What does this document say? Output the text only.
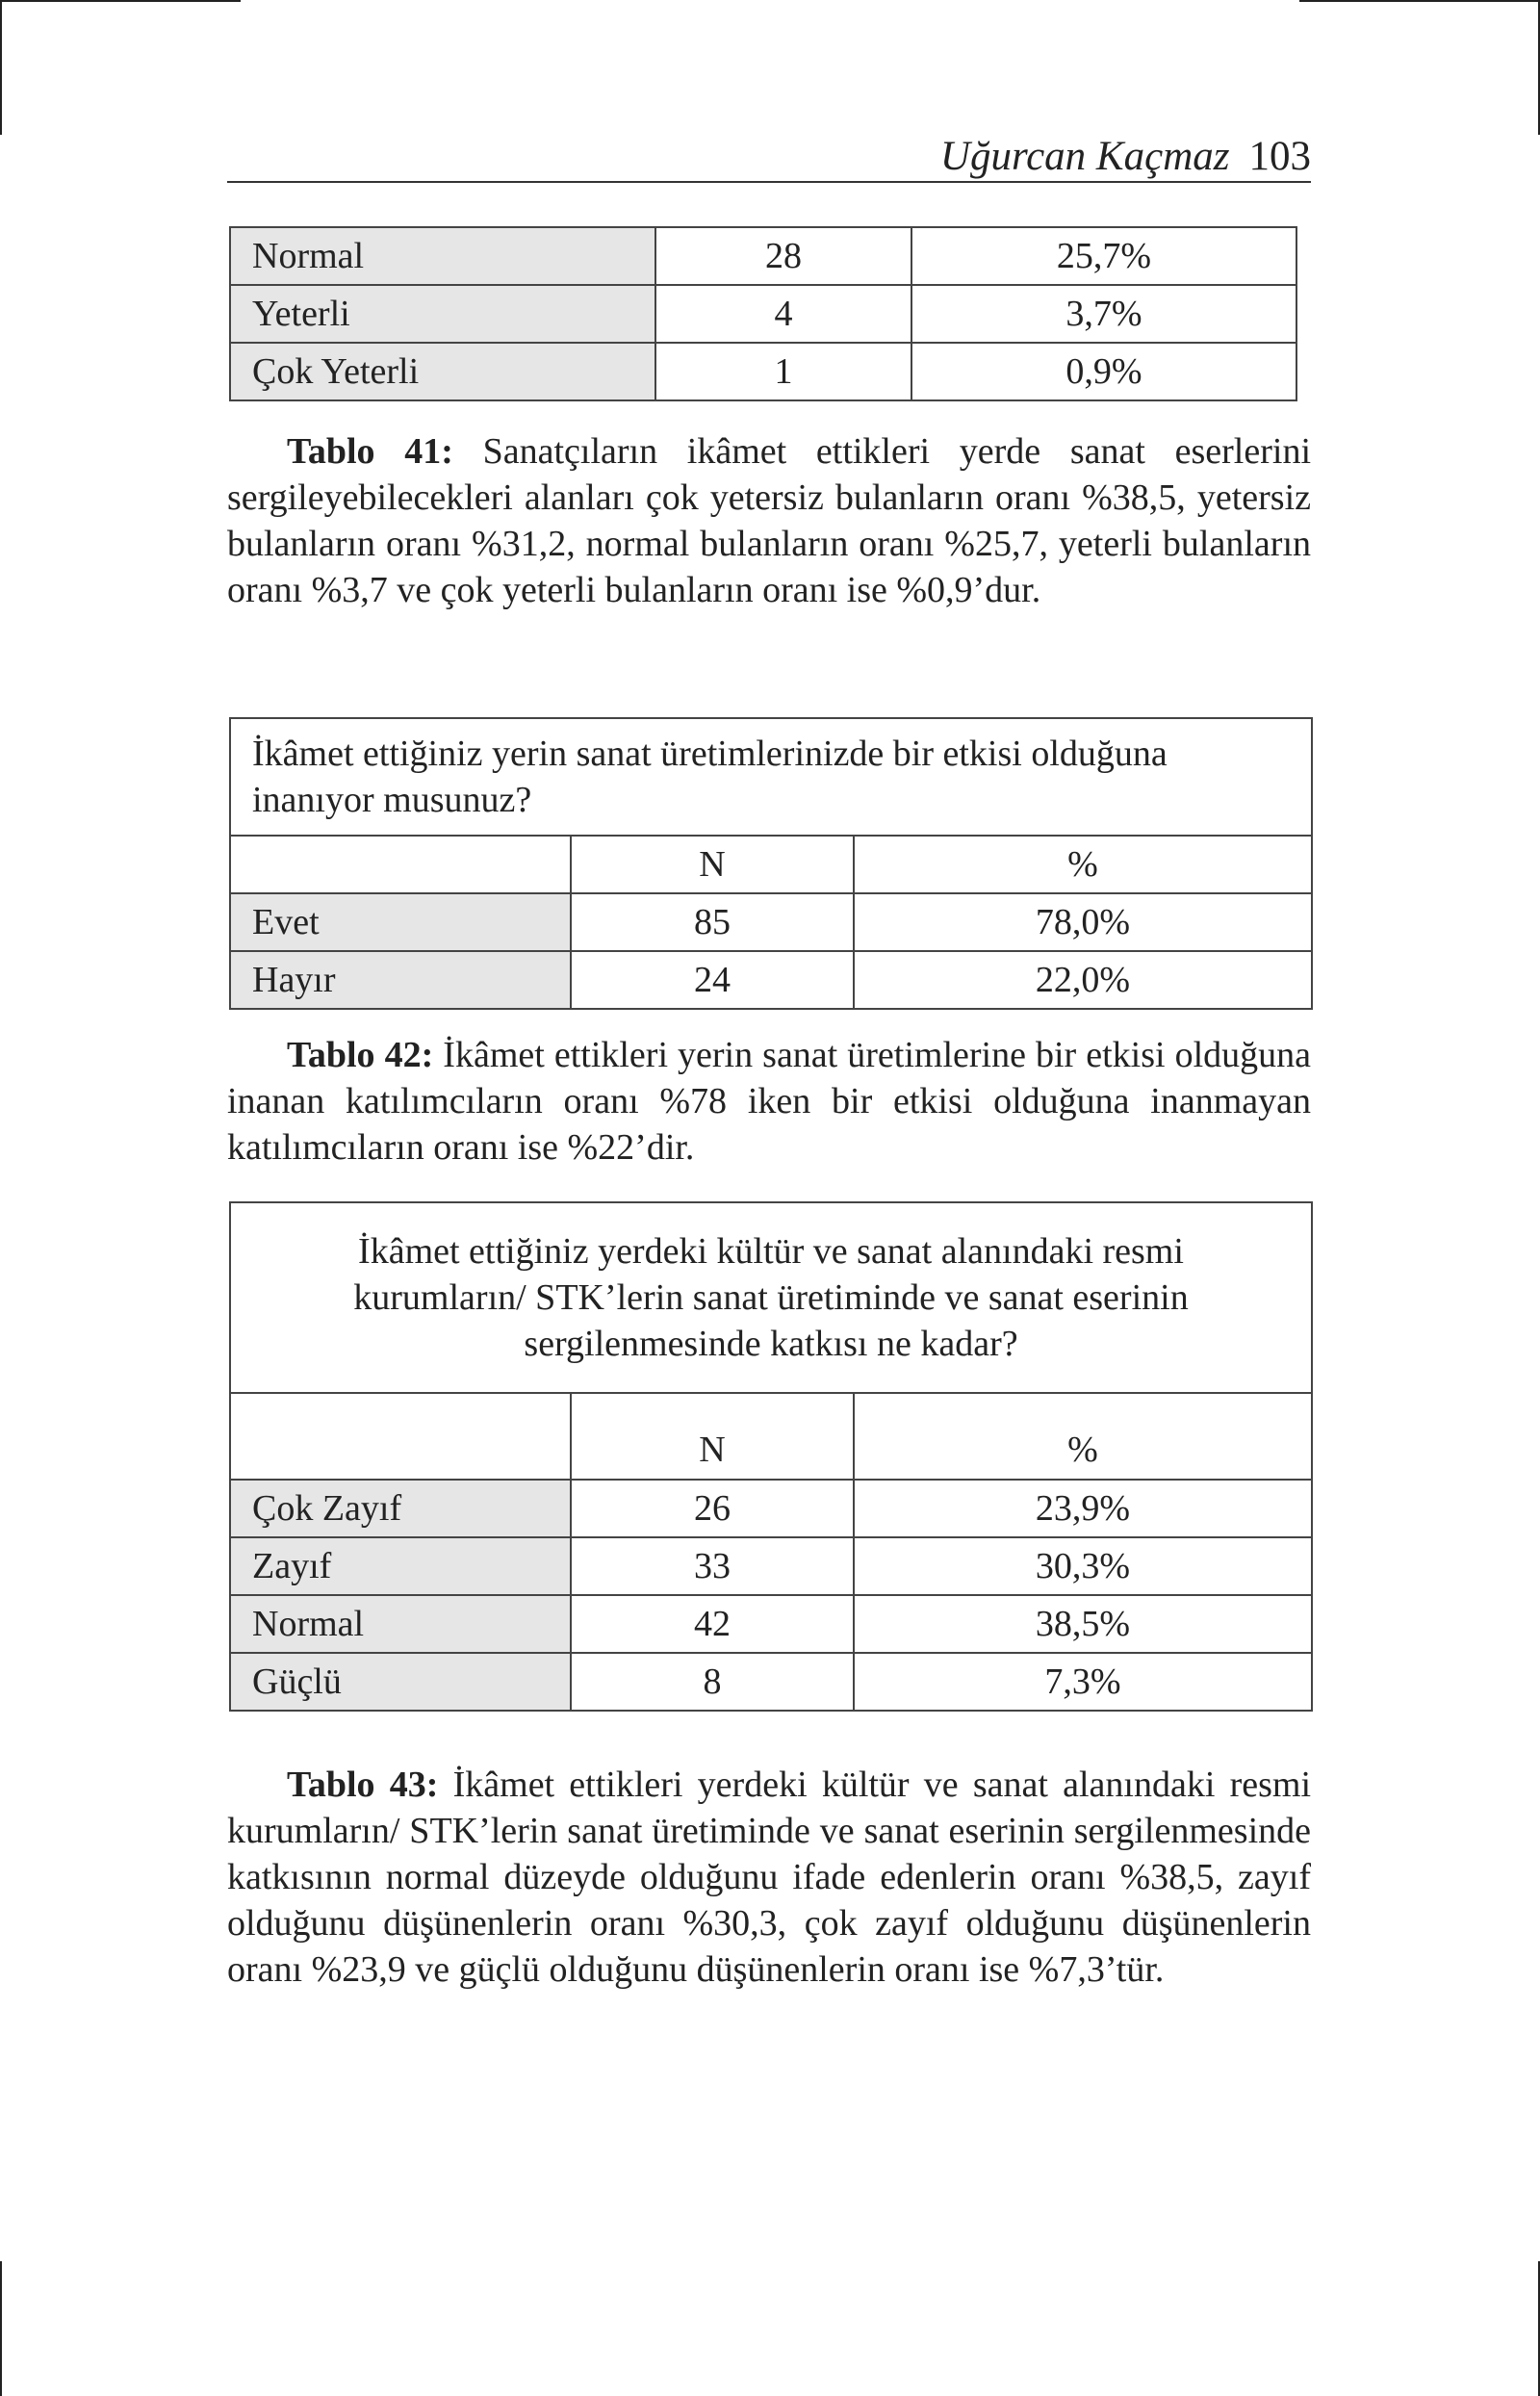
Uğurcan Kaçmaz 103
Normal	28	25,7%
Yeterli	4	3,7%
Çok Yeterli	1	0,9%

Tablo 41: Sanatçıların ikâmet ettikleri yerde sanat eserlerini sergileyebilecekleri alanları çok yetersiz bulanların oranı %38,5, yetersiz bulanların oranı %31,2, normal bulanların oranı %25,7, yeterli bulanların oranı %3,7 ve çok yeterli bulanların oranı ise %0,9’dur.

İkâmet ettiğiniz yerin sanat üretimlerinizde bir etkisi olduğuna inanıyor musunuz?		
	N	%
Evet	85	78,0%
Hayır	24	22,0%

Tablo 42: İkâmet ettikleri yerin sanat üretimlerine bir etkisi olduğuna inanan katılımcıların oranı %78 iken bir etkisi olduğuna inanmayan katılımcıların oranı ise %22’dir.

İkâmet ettiğiniz yerdeki kültür ve sanat alanındaki resmi kurumların/ STK’lerin sanat üretiminde ve sanat eserinin sergilenmesinde katkısı ne kadar?		
	N	%
Çok Zayıf	26	23,9%
Zayıf	33	30,3%
Normal	42	38,5%
Güçlü	8	7,3%

Tablo 43: İkâmet ettikleri yerdeki kültür ve sanat alanındaki resmi kurumların/ STK’lerin sanat üretiminde ve sanat eserinin sergilenmesinde katkısının normal düzeyde olduğunu ifade edenlerin oranı %38,5, zayıf olduğunu düşünenlerin oranı %30,3, çok zayıf olduğunu düşünenlerin oranı %23,9 ve güçlü olduğunu düşünenlerin oranı ise %7,3’tür.
